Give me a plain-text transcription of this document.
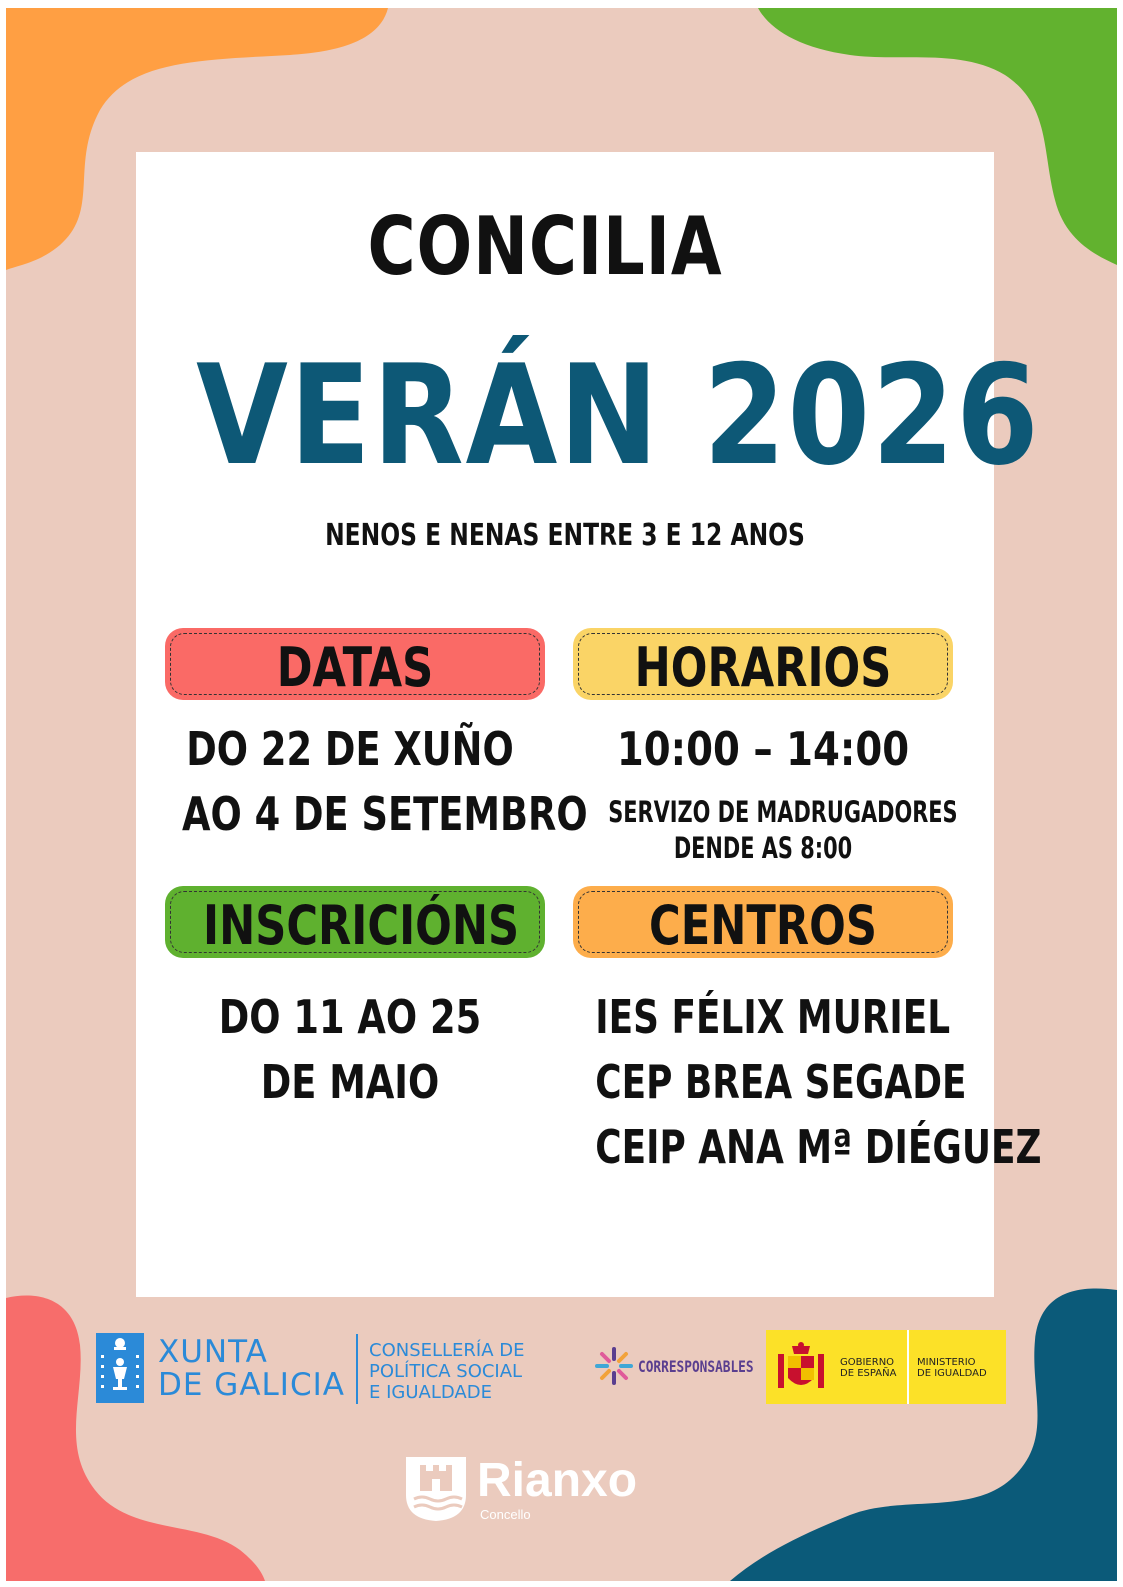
CONCILIA
VERÁN 2026
NENOS E NENAS ENTRE 3 E 12 ANOS
DATAS
DO 22 DE XUÑO
AO 4 DE SETEMBRO
HORARIOS
10:00 – 14:00
SERVIZO DE MADRUGADORES
DENDE AS 8:00
INSCRICIÓNS
DO 11 AO 25
DE MAIO
CENTROS
IES FÉLIX MURIEL
CEP BREA SEGADE
CEIP ANA Mª DIÉGUEZ
XUNTA
DE GALICIA
CONSELLERÍA DE
POLÍTICA SOCIAL
E IGUALDADE
CORRESPONSABLES	GOBIERNO
DE ESPAÑA
MINISTERIO
DE IGUALDAD
Rianxo
Concello
